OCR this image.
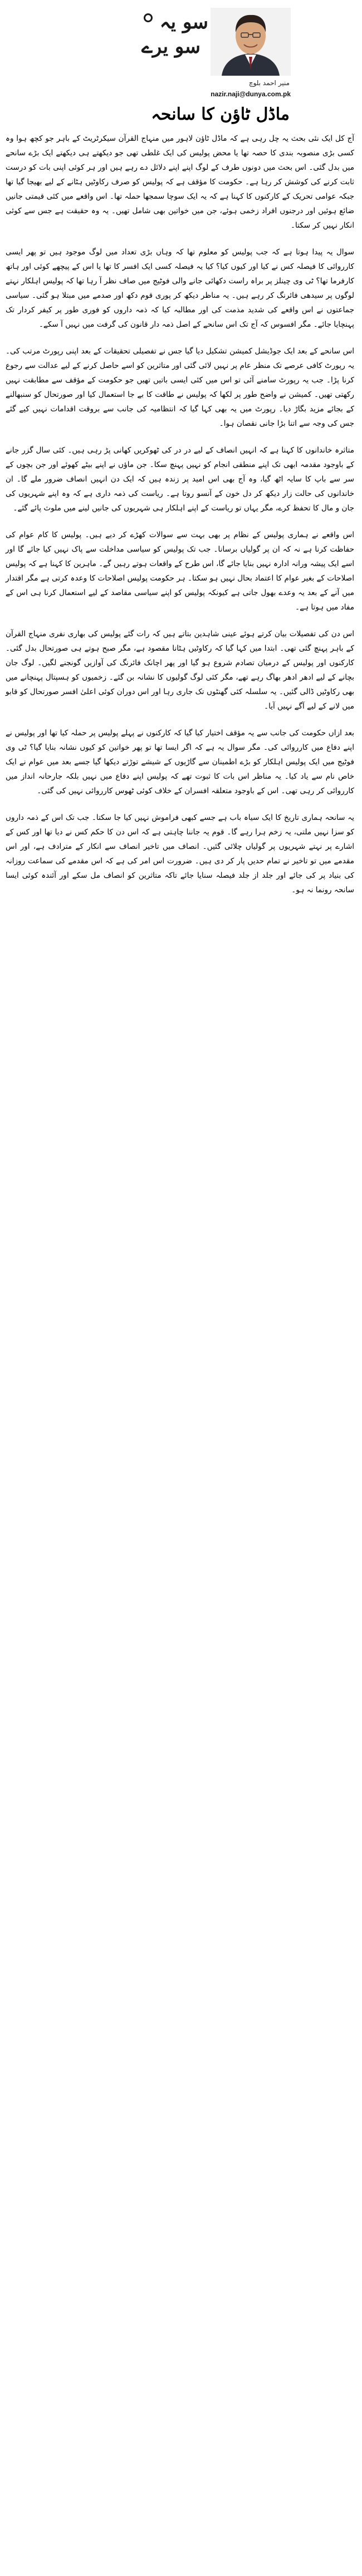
سو یہ
سو یرے
منیر احمد بلوچ
nazir.naji@dunya.com.pk
ماڈل ٹاؤن کا سانحہ

آج کل ایک نئی بحث یہ چل رہی ہے کہ ماڈل ٹاؤن لاہور میں منہاج القرآن سیکرٹریٹ کے باہر جو کچھ ہوا وہ کسی بڑی منصوبہ بندی کا حصہ تھا یا محض پولیس کی ایک غلطی تھی جو دیکھتے ہی دیکھتے ایک بڑے سانحے میں بدل گئی۔ اس بحث میں دونوں طرف کے لوگ اپنے اپنے دلائل دے رہے ہیں اور ہر کوئی اپنی بات کو درست ثابت کرنے کی کوشش کر رہا ہے۔ حکومت کا مؤقف ہے کہ پولیس کو صرف رکاوٹیں ہٹانے کے لیے بھیجا گیا تھا جبکہ عوامی تحریک کے کارکنوں کا کہنا ہے کہ یہ ایک سوچا سمجھا حملہ تھا۔ اس واقعے میں کئی قیمتی جانیں ضائع ہوئیں اور درجنوں افراد زخمی ہوئے، جن میں خواتین بھی شامل تھیں۔ یہ وہ حقیقت ہے جس سے کوئی انکار نہیں کر سکتا۔

سوال یہ پیدا ہوتا ہے کہ جب پولیس کو معلوم تھا کہ وہاں بڑی تعداد میں لوگ موجود ہیں تو پھر ایسی کارروائی کا فیصلہ کس نے کیا اور کیوں کیا؟ کیا یہ فیصلہ کسی ایک افسر کا تھا یا اس کے پیچھے کوئی اور ہاتھ کارفرما تھا؟ ٹی وی چینلز پر براہ راست دکھائی جانے والی فوٹیج میں صاف نظر آ رہا تھا کہ پولیس اہلکار نہتے لوگوں پر سیدھی فائرنگ کر رہے ہیں۔ یہ مناظر دیکھ کر پوری قوم دکھ اور صدمے میں مبتلا ہو گئی۔ سیاسی جماعتوں نے اس واقعے کی شدید مذمت کی اور مطالبہ کیا کہ ذمہ داروں کو فوری طور پر کیفر کردار تک پہنچایا جائے۔ مگر افسوس کہ آج تک اس سانحے کے اصل ذمہ دار قانون کی گرفت میں نہیں آ سکے۔

اس سانحے کے بعد ایک جوڈیشل کمیشن تشکیل دیا گیا جس نے تفصیلی تحقیقات کے بعد اپنی رپورٹ مرتب کی۔ یہ رپورٹ کافی عرصے تک منظر عام پر نہیں لائی گئی اور متاثرین کو اسے حاصل کرنے کے لیے عدالت سے رجوع کرنا پڑا۔ جب یہ رپورٹ سامنے آئی تو اس میں کئی ایسی باتیں تھیں جو حکومت کے مؤقف سے مطابقت نہیں رکھتی تھیں۔ کمیشن نے واضح طور پر لکھا کہ پولیس نے طاقت کا بے جا استعمال کیا اور صورتحال کو سنبھالنے کے بجائے مزید بگاڑ دیا۔ رپورٹ میں یہ بھی کہا گیا کہ انتظامیہ کی جانب سے بروقت اقدامات نہیں کیے گئے جس کی وجہ سے اتنا بڑا جانی نقصان ہوا۔

متاثرہ خاندانوں کا کہنا ہے کہ انہیں انصاف کے لیے در در کی ٹھوکریں کھانی پڑ رہی ہیں۔ کئی سال گزر جانے کے باوجود مقدمہ ابھی تک اپنے منطقی انجام کو نہیں پہنچ سکا۔ جن ماؤں نے اپنے بیٹے کھوئے اور جن بچوں کے سر سے باپ کا سایہ اٹھ گیا، وہ آج بھی اس امید پر زندہ ہیں کہ ایک دن انہیں انصاف ضرور ملے گا۔ ان خاندانوں کی حالت زار دیکھ کر دل خون کے آنسو روتا ہے۔ ریاست کی ذمہ داری ہے کہ وہ اپنے شہریوں کی جان و مال کا تحفظ کرے، مگر یہاں تو ریاست کے اپنے اہلکار ہی شہریوں کی جانیں لینے میں ملوث پائے گئے۔

اس واقعے نے ہماری پولیس کے نظام پر بھی بہت سے سوالات کھڑے کر دیے ہیں۔ پولیس کا کام عوام کی حفاظت کرنا ہے نہ کہ ان پر گولیاں برسانا۔ جب تک پولیس کو سیاسی مداخلت سے پاک نہیں کیا جائے گا اور اسے ایک پیشہ ورانہ ادارہ نہیں بنایا جائے گا، اس طرح کے واقعات ہوتے رہیں گے۔ ماہرین کا کہنا ہے کہ پولیس اصلاحات کے بغیر عوام کا اعتماد بحال نہیں ہو سکتا۔ ہر حکومت پولیس اصلاحات کا وعدہ کرتی ہے مگر اقتدار میں آنے کے بعد یہ وعدے بھول جاتی ہے کیونکہ پولیس کو اپنے سیاسی مقاصد کے لیے استعمال کرنا ہی اس کے مفاد میں ہوتا ہے۔

اس دن کی تفصیلات بیان کرتے ہوئے عینی شاہدین بتاتے ہیں کہ رات گئے پولیس کی بھاری نفری منہاج القرآن کے باہر پہنچ گئی تھی۔ ابتدا میں کہا گیا کہ رکاوٹیں ہٹانا مقصود ہے، مگر صبح ہوتے ہی صورتحال بدل گئی۔ کارکنوں اور پولیس کے درمیان تصادم شروع ہو گیا اور پھر اچانک فائرنگ کی آوازیں گونجنے لگیں۔ لوگ جان بچانے کے لیے ادھر ادھر بھاگ رہے تھے، مگر کئی لوگ گولیوں کا نشانہ بن گئے۔ زخمیوں کو ہسپتال پہنچانے میں بھی رکاوٹیں ڈالی گئیں۔ یہ سلسلہ کئی گھنٹوں تک جاری رہا اور اس دوران کوئی اعلیٰ افسر صورتحال کو قابو میں لانے کے لیے آگے نہیں آیا۔

بعد ازاں حکومت کی جانب سے یہ مؤقف اختیار کیا گیا کہ کارکنوں نے پہلے پولیس پر حملہ کیا تھا اور پولیس نے اپنے دفاع میں کارروائی کی۔ مگر سوال یہ ہے کہ اگر ایسا تھا تو پھر خواتین کو کیوں نشانہ بنایا گیا؟ ٹی وی فوٹیج میں ایک پولیس اہلکار کو بڑے اطمینان سے گاڑیوں کے شیشے توڑتے دیکھا گیا جسے بعد میں عوام نے ایک خاص نام سے یاد کیا۔ یہ مناظر اس بات کا ثبوت تھے کہ پولیس اپنے دفاع میں نہیں بلکہ جارحانہ انداز میں کارروائی کر رہی تھی۔ اس کے باوجود متعلقہ افسران کے خلاف کوئی ٹھوس کارروائی نہیں کی گئی۔

یہ سانحہ ہماری تاریخ کا ایک سیاہ باب ہے جسے کبھی فراموش نہیں کیا جا سکتا۔ جب تک اس کے ذمہ داروں کو سزا نہیں ملتی، یہ زخم ہرا رہے گا۔ قوم یہ جاننا چاہتی ہے کہ اس دن کا حکم کس نے دیا تھا اور کس کے اشارے پر نہتے شہریوں پر گولیاں چلائی گئیں۔ انصاف میں تاخیر انصاف سے انکار کے مترادف ہے، اور اس مقدمے میں تو تاخیر نے تمام حدیں پار کر دی ہیں۔ ضرورت اس امر کی ہے کہ اس مقدمے کی سماعت روزانہ کی بنیاد پر کی جائے اور جلد از جلد فیصلہ سنایا جائے تاکہ متاثرین کو انصاف مل سکے اور آئندہ کوئی ایسا سانحہ رونما نہ ہو۔
